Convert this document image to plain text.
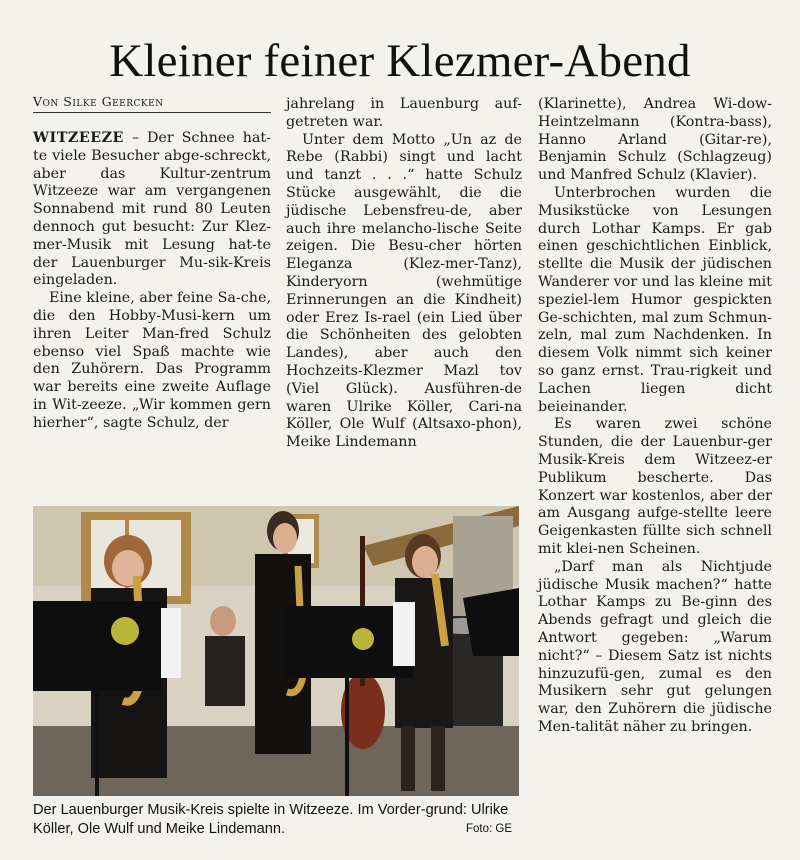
Kleiner feiner Klezmer-Abend
Von Silke Geercken

WITZEEZE – Der Schnee hat-te viele Besucher abge-schreckt, aber das Kultur-zentrum Witzeeze war am vergangenen Sonnabend mit rund 80 Leuten dennoch gut besucht: Zur Klez-mer-Musik mit Lesung hat-te der Lauenburger Mu-sik-Kreis eingeladen.

Eine kleine, aber feine Sa-che, die den Hobby-Musi-kern um ihren Leiter Man-fred Schulz ebenso viel Spaß machte wie den Zuhörern. Das Programm war bereits eine zweite Auflage in Wit-zeeze. „Wir kommen gern hierher“, sagte Schulz, der

jahrelang in Lauenburg auf-getreten war.

Unter dem Motto „Un az de Rebe (Rabbi) singt und lacht und tanzt . . .“ hatte Schulz Stücke ausgewählt, die die jüdische Lebensfreu-de, aber auch ihre melancho-lische Seite zeigen. Die Besu-cher hörten Eleganza (Klez-mer-Tanz), Kinderyorn (wehmütige Erinnerungen an die Kindheit) oder Erez Is-rael (ein Lied über die Schönheiten des gelobten Landes), aber auch den Hochzeits-Klezmer Mazl tov (Viel Glück). Ausführen-de waren Ulrike Köller, Cari-na Köller, Ole Wulf (Altsaxo-phon), Meike Lindemann

(Klarinette), Andrea Wi-dow-Heintzelmann (Kontra-bass), Hanno Arland (Gitar-re), Benjamin Schulz (Schlagzeug) und Manfred Schulz (Klavier).

Unterbrochen wurden die Musikstücke von Lesungen durch Lothar Kamps. Er gab einen geschichtlichen Einblick, stellte die Musik der jüdischen Wanderer vor und las kleine mit speziel-lem Humor gespickten Ge-schichten, mal zum Schmun-zeln, mal zum Nachdenken. In diesem Volk nimmt sich keiner so ganz ernst. Trau-rigkeit und Lachen liegen dicht beieinander.

Es waren zwei schöne Stunden, die der Lauenbur-ger Musik-Kreis dem Witzeez-er Publikum bescherte. Das Konzert war kostenlos, aber der am Ausgang aufge-stellte leere Geigenkasten füllte sich schnell mit klei-nen Scheinen.

„Darf man als Nichtjude jüdische Musik machen?“ hatte Lothar Kamps zu Be-ginn des Abends gefragt und gleich die Antwort gegeben: „Warum nicht?“ – Diesem Satz ist nichts hinzuzufü-gen, zumal es den Musikern sehr gut gelungen war, den Zuhörern die jüdische Men-talität näher zu bringen.

Der Lauenburger Musik-Kreis spielte in Witzeeze. Im Vorder-grund: Ulrike Köller, Ole Wulf und Meike Lindemann.	Foto: GE
